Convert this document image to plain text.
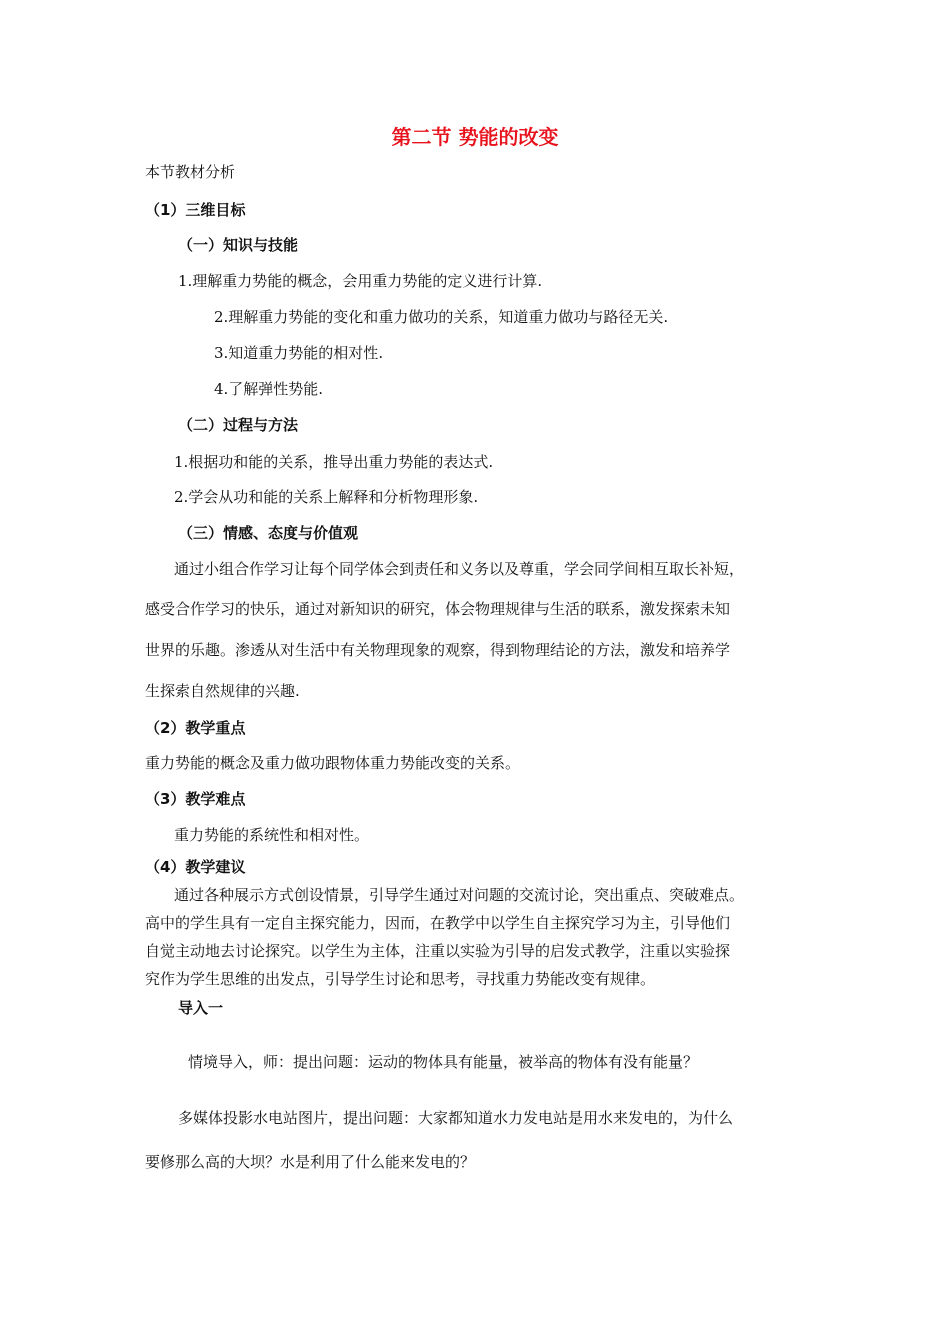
第二节 势能的改变
本节教材分析
（1）三维目标
（一）知识与技能
1.理解重力势能的概念，会用重力势能的定义进行计算.
2.理解重力势能的变化和重力做功的关系，知道重力做功与路径无关.
3.知道重力势能的相对性.
4.了解弹性势能.
（二）过程与方法
1.根据功和能的关系，推导出重力势能的表达式.
2.学会从功和能的关系上解释和分析物理形象.
（三）情感、态度与价值观
通过小组合作学习让每个同学体会到责任和义务以及尊重，学会同学间相互取长补短，
感受合作学习的快乐，通过对新知识的研究，体会物理规律与生活的联系，激发探索未知
世界的乐趣。渗透从对生活中有关物理现象的观察，得到物理结论的方法，激发和培养学
生探索自然规律的兴趣.
（2）教学重点
重力势能的概念及重力做功跟物体重力势能改变的关系。
（3）教学难点
重力势能的系统性和相对性。
（4）教学建议
通过各种展示方式创设情景，引导学生通过对问题的交流讨论，突出重点、突破难点。
高中的学生具有一定自主探究能力，因而，在教学中以学生自主探究学习为主，引导他们
自觉主动地去讨论探究。以学生为主体，注重以实验为引导的启发式教学，注重以实验探
究作为学生思维的出发点，引导学生讨论和思考，寻找重力势能改变有规律。
导入一
情境导入，师：提出问题：运动的物体具有能量，被举高的物体有没有能量？
多媒体投影水电站图片，提出问题：大家都知道水力发电站是用水来发电的，为什么
要修那么高的大坝？水是利用了什么能来发电的？
